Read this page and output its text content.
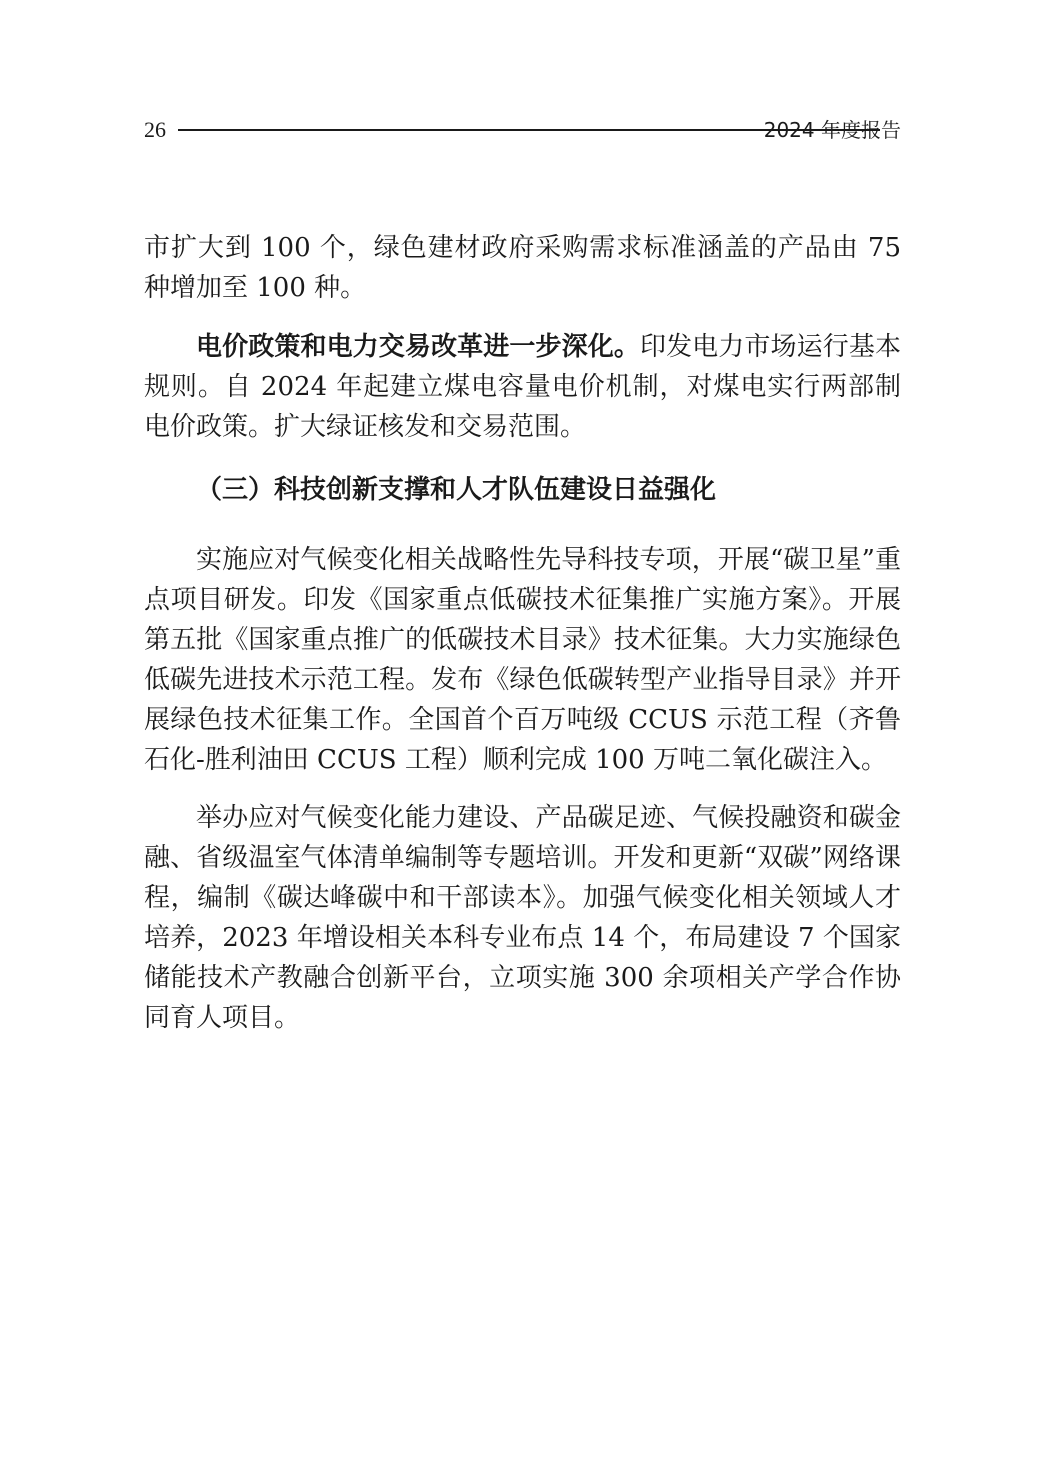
26	2024 年度报告

市扩大到 100 个，绿色建材政府采购需求标准涵盖的产品由 75 种增加至 100 种。

电价政策和电力交易改革进一步深化。印发电力市场运行基本规则。自 2024 年起建立煤电容量电价机制，对煤电实行两部制电价政策。扩大绿证核发和交易范围。

（三）科技创新支撑和人才队伍建设日益强化

实施应对气候变化相关战略性先导科技专项，开展“碳卫星”重点项目研发。印发《国家重点低碳技术征集推广实施方案》。开展第五批《国家重点推广的低碳技术目录》技术征集。大力实施绿色低碳先进技术示范工程。发布《绿色低碳转型产业指导目录》并开展绿色技术征集工作。全国首个百万吨级 CCUS 示范工程（齐鲁石化-胜利油田 CCUS 工程）顺利完成 100 万吨二氧化碳注入。

举办应对气候变化能力建设、产品碳足迹、气候投融资和碳金融、省级温室气体清单编制等专题培训。开发和更新“双碳”网络课程，编制《碳达峰碳中和干部读本》。加强气候变化相关领域人才培养，2023 年增设相关本科专业布点 14 个，布局建设 7 个国家储能技术产教融合创新平台，立项实施 300 余项相关产学合作协同育人项目。
